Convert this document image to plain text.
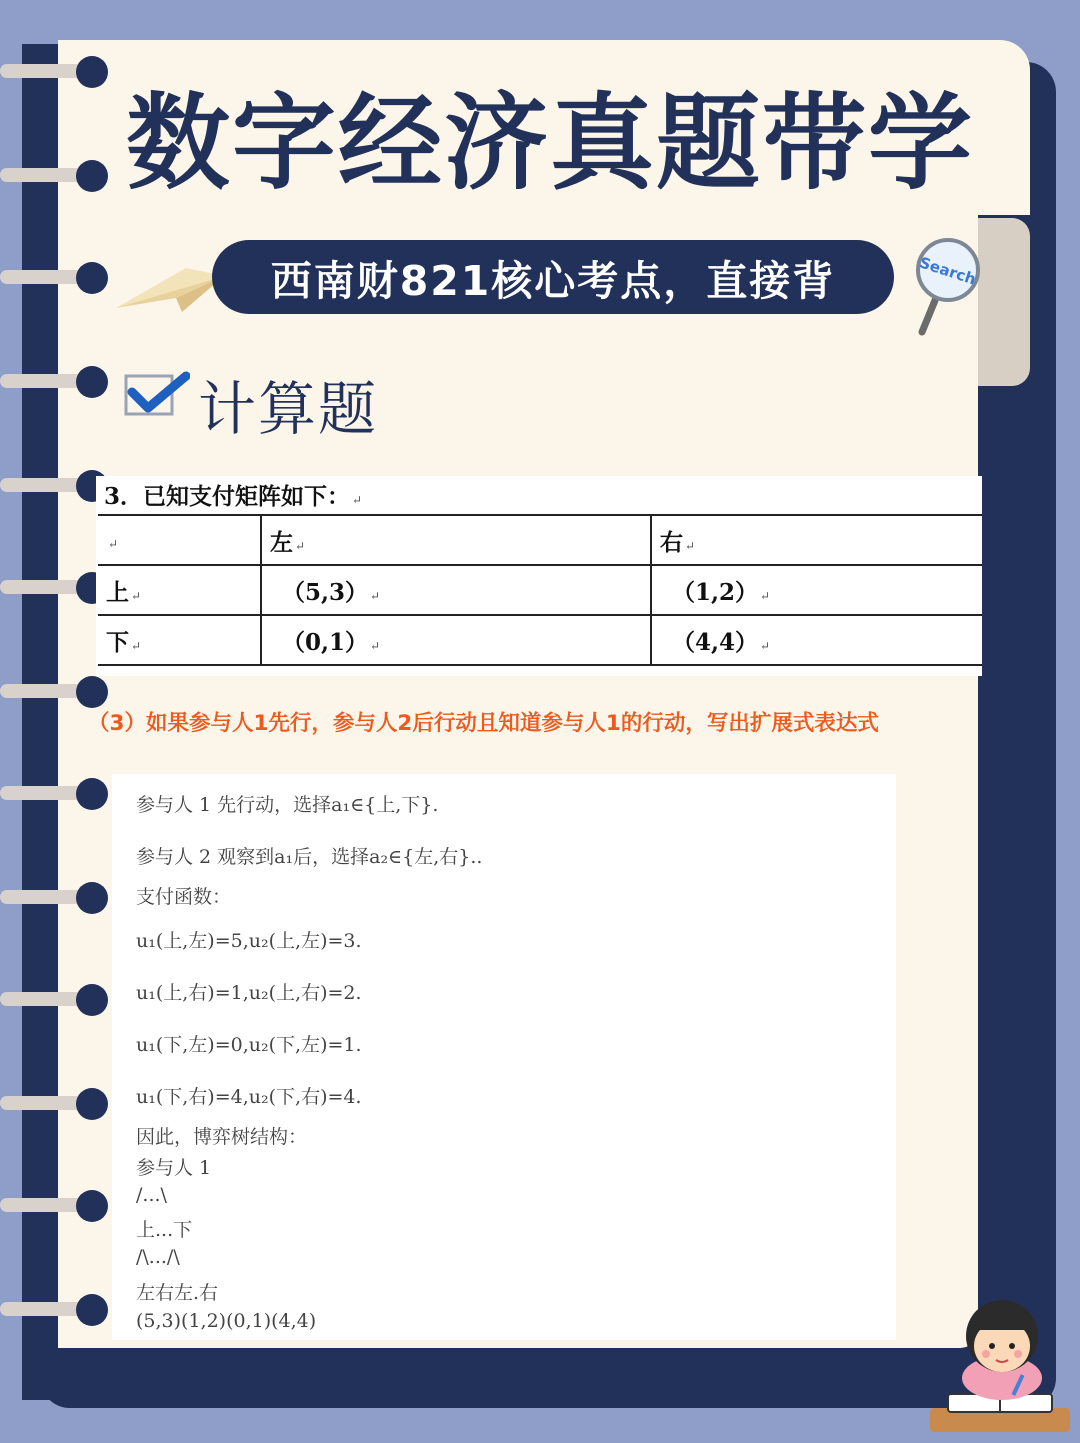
数字经济真题带学
西南财821核心考点，直接背	Search
计算题
3．已知支付矩阵如下： ↵
↵	左 ↵	右 ↵
上 ↵	（5,3） ↵	（1,2） ↵
下 ↵	（0,1） ↵	（4,4） ↵
（3）如果参与人1先行，参与人2后行动且知道参与人1的行动，写出扩展式表达式
参与人 1 先行动，选择a₁∈{上,下}.
参与人 2 观察到a₁后，选择a₂∈{左,右}..
支付函数：
u₁(上,左)=5,u₂(上,左)=3.
u₁(上,右)=1,u₂(上,右)=2.
u₁(下,左)=0,u₂(下,左)=1.
u₁(下,右)=4,u₂(下,右)=4.
因此，博弈树结构：
参与人 1
/...\
上...下
/\.../\
左右左.右
(5,3)(1,2)(0,1)(4,4)
